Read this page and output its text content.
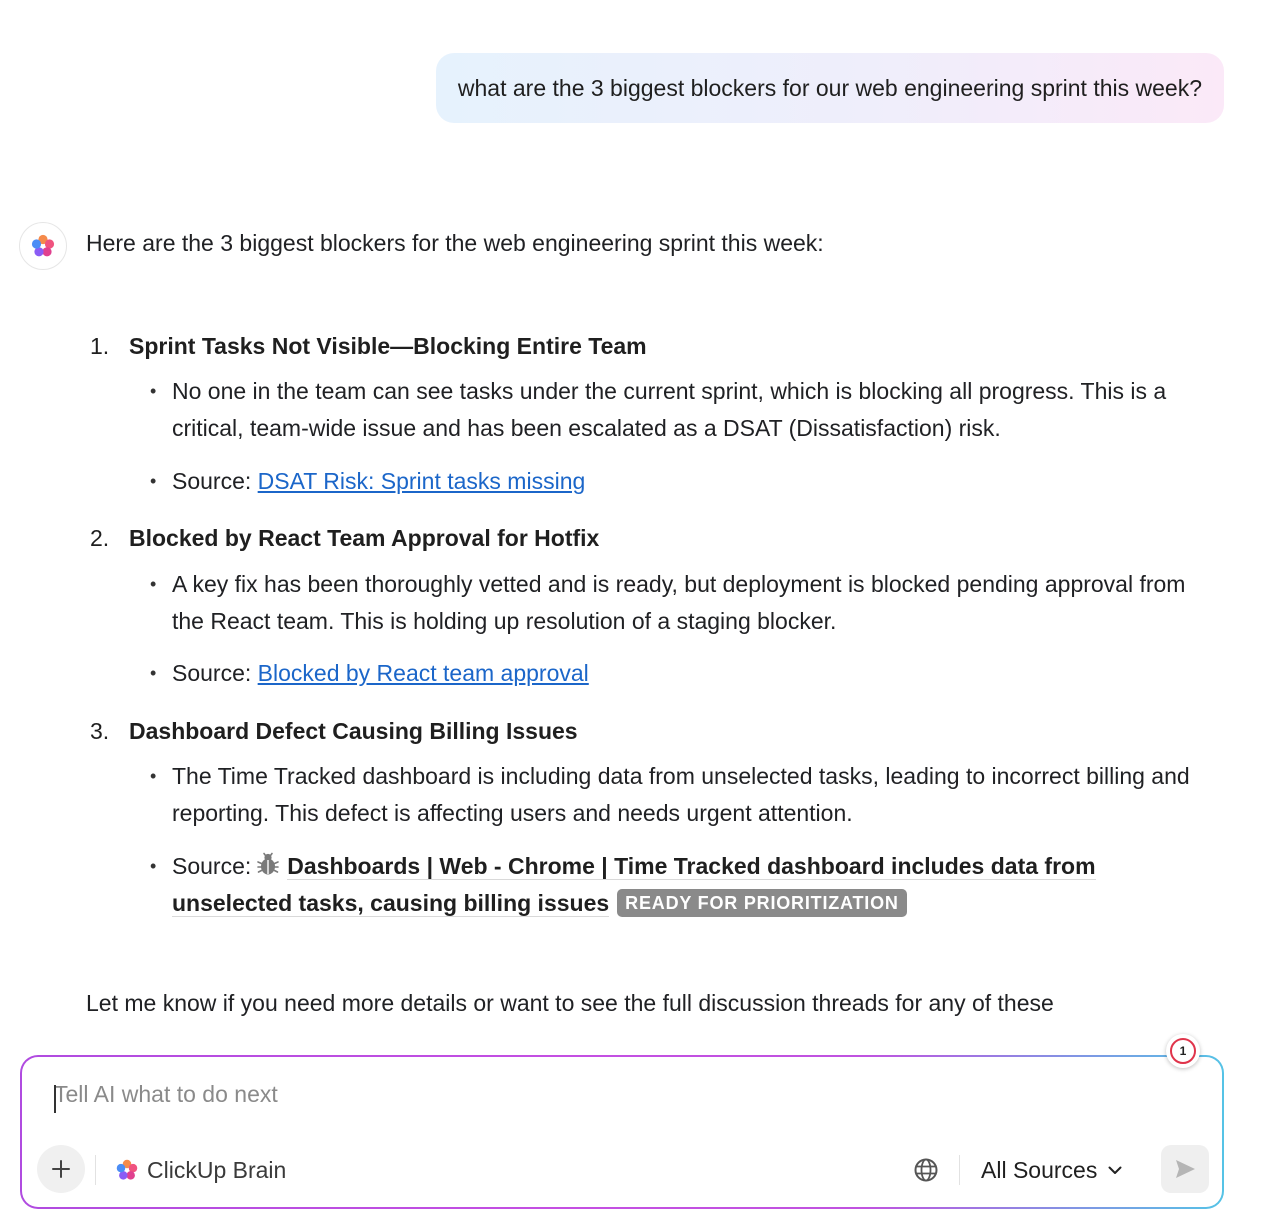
what are the 3 biggest blockers for our web engineering sprint this week?
Here are the 3 biggest blockers for the web engineering sprint this week:
1. Sprint Tasks Not Visible—Blocking Entire Team
• No one in the team can see tasks under the current sprint, which is blocking all progress. This is a critical, team-wide issue and has been escalated as a DSAT (Dissatisfaction) risk.
• Source: DSAT Risk: Sprint tasks missing
2. Blocked by React Team Approval for Hotfix
• A key fix has been thoroughly vetted and is ready, but deployment is blocked pending approval from the React team. This is holding up resolution of a staging blocker.
• Source: Blocked by React team approval
3. Dashboard Defect Causing Billing Issues
• The Time Tracked dashboard is including data from unselected tasks, leading to incorrect billing and reporting. This defect is affecting users and needs urgent attention.
• Source: Dashboards | Web - Chrome | Time Tracked dashboard includes data from unselected tasks, causing billing issues READY FOR PRIORITIZATION
Let me know if you need more details or want to see the full discussion threads for any of these
Tell AI what to do next
ClickUp Brain	All Sources
1
